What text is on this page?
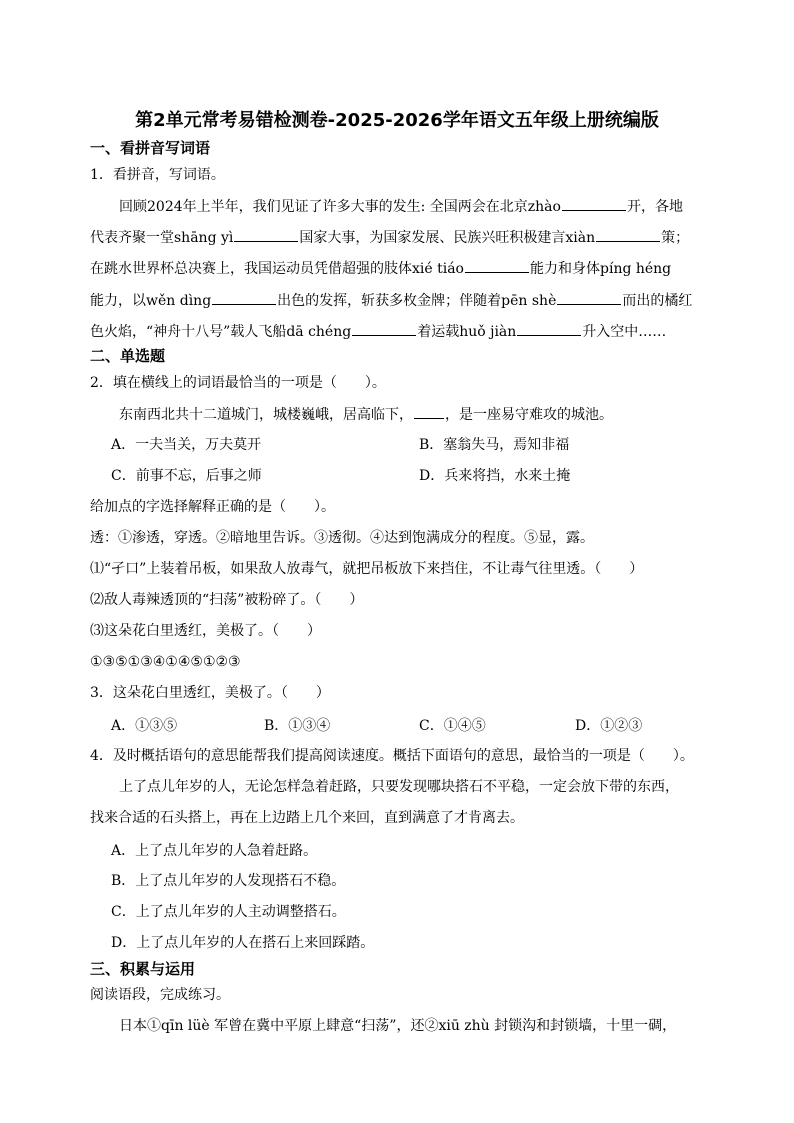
第2单元常考易错检测卷-2025-2026学年语文五年级上册统编版
一、看拼音写词语
1．看拼音，写词语。
回顾2024年上半年，我们见证了许多大事的发生: 全国两会在北京zhào	开，各地
代表齐聚一堂shāng yì	国家大事，为国家发展、民族兴旺积极建言xiàn	策；
在跳水世界杯总决赛上，我国运动员凭借超强的肢体xié tiáo	能力和身体píng héng
能力，以wěn dìng	出色的发挥，斩获多枚金牌；伴随着pēn shè	而出的橘红
色火焰，“神舟十八号”载人飞船dā chéng	着运载huǒ jiàn	升入空中……
二、单选题
2．填在横线上的词语最恰当的一项是（　　）。
东南西北共十二道城门，城楼巍峨，居高临下， ，是一座易守难攻的城池。
A．一夫当关，万夫莫开	B．塞翁失马，焉知非福
C．前事不忘，后事之师	D．兵来将挡，水来土掩
给加点的字选择解释正确的是（　　）。
透：①渗透，穿透。②暗地里告诉。③透彻。④达到饱满成分的程度。⑤显，露。
⑴“孑口”上装着吊板，如果敌人放毒气，就把吊板放下来挡住，不让毒气往里透。（　　）
⑵敌人毒辣透顶的“扫荡”被粉碎了。（　　）
⑶这朵花白里透红，美极了。（　　）
①③⑤①③④①④⑤①②③
3．这朵花白里透红，美极了。（　　）
A．①③⑤	B．①③④	C．①④⑤	D．①②③
4．及时概括语句的意思能帮我们提高阅读速度。概括下面语句的意思，最恰当的一项是（　　）。
上了点儿年岁的人，无论怎样急着赶路，只要发现哪块搭石不平稳，一定会放下带的东西，
找来合适的石头搭上，再在上边踏上几个来回，直到满意了才肯离去。
A．上了点儿年岁的人急着赶路。
B．上了点儿年岁的人发现搭石不稳。
C．上了点儿年岁的人主动调整搭石。
D．上了点儿年岁的人在搭石上来回踩踏。
三、积累与运用
阅读语段，完成练习。
日本①qīn lüè 军曾在冀中平原上肆意“扫荡”，还②xiū zhù 封锁沟和封锁墙，十里一碉，
